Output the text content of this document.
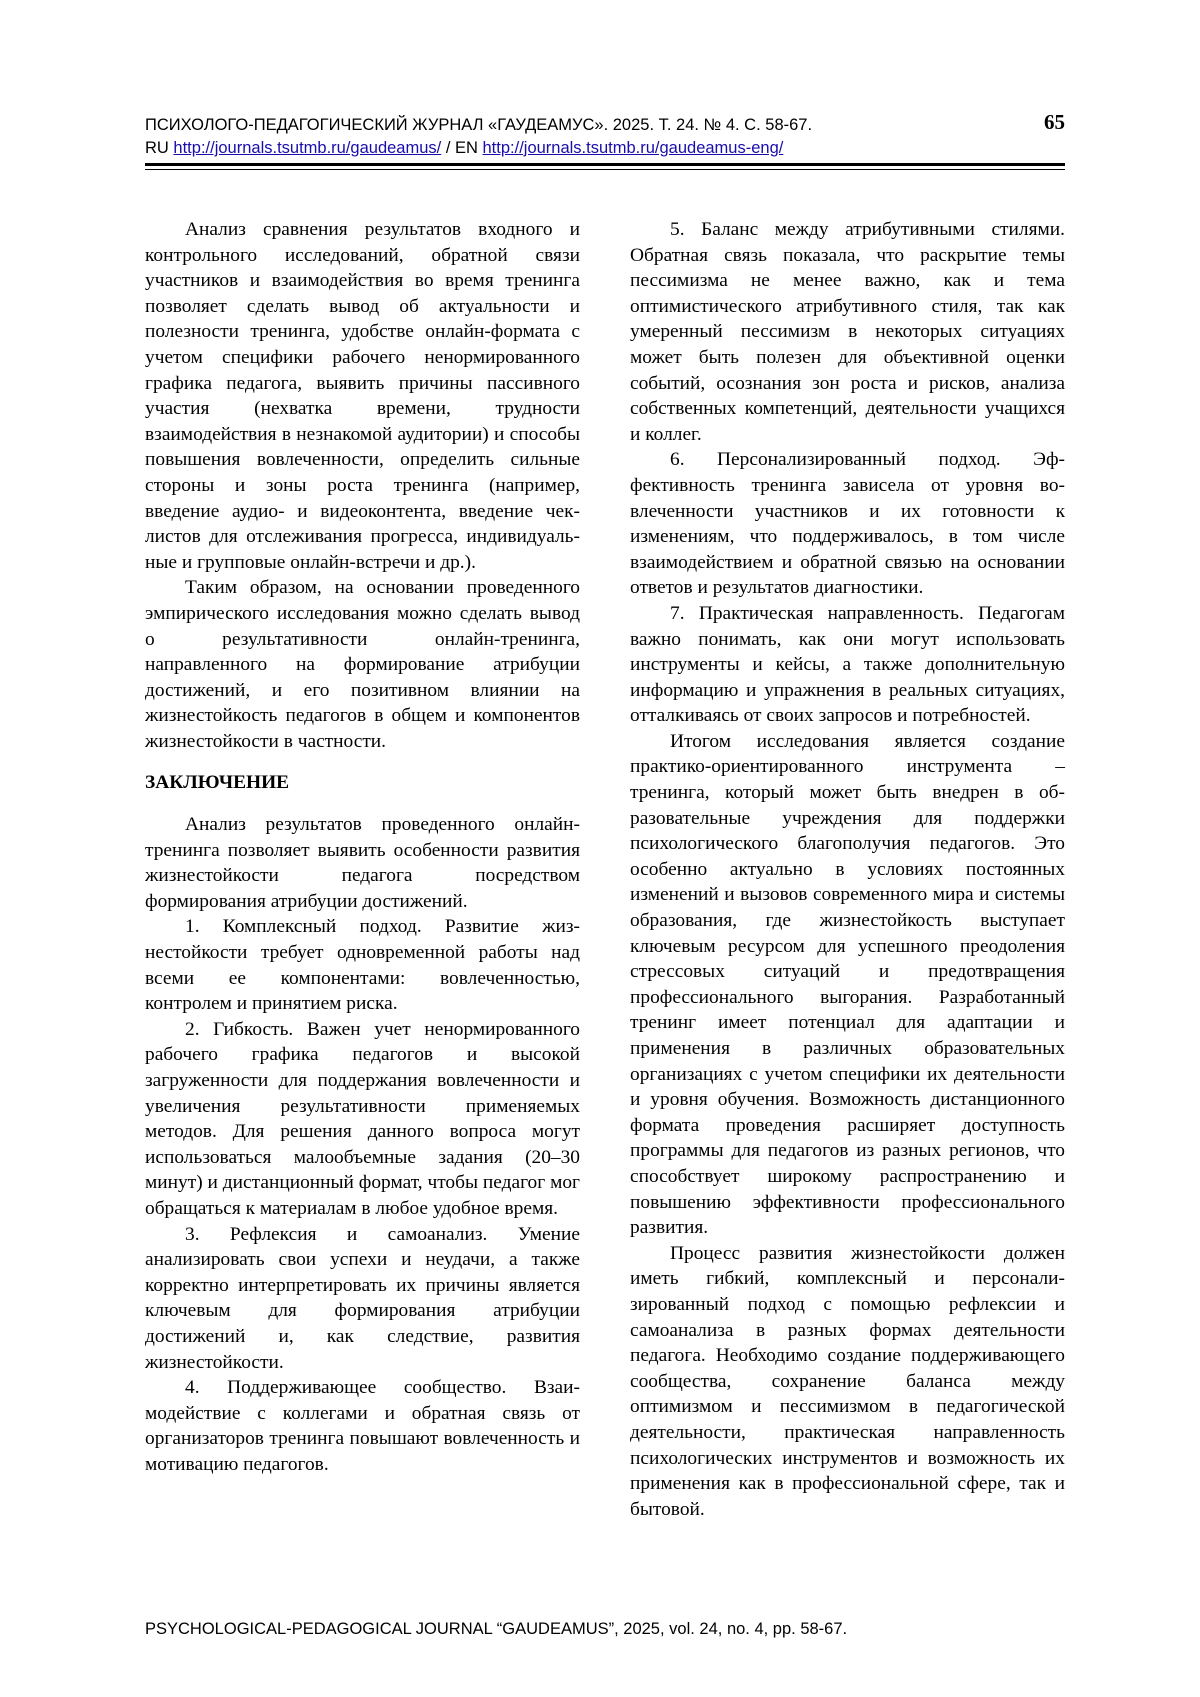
ПСИХОЛОГО-ПЕДАГОГИЧЕСКИЙ ЖУРНАЛ «ГАУДЕАМУС». 2025. Т. 24. № 4. С. 58-67.
RU http://journals.tsutmb.ru/gaudeamus/ / EN http://journals.tsutmb.ru/gaudeamus-eng/
65

Анализ сравнения результатов входного и контрольного исследований, обратной связи участников и взаимодействия во время тренинга позволяет сделать вывод об актуальности и полезности тренинга, удобстве онлайн-формата с учетом специфики рабочего ненормированного графика педагога, выявить причины пассивного участия (нехватка времени, трудности взаимодействия в незнакомой аудитории) и способы повышения вовлеченности, определить сильные стороны и зоны роста тренинга (например, введение аудио- и видеоконтента, введение чек-листов для отслеживания прогресса, индивидуальные и групповые онлайн-встречи и др.).

Таким образом, на основании проведенного эмпирического исследования можно сделать вывод о результативности онлайн-тренинга, направленного на формирование атрибуции достижений, и его позитивном влиянии на жизнестойкость педагогов в общем и компонентов жизнестойкости в частности.

ЗАКЛЮЧЕНИЕ

Анализ результатов проведенного онлайн-тренинга позволяет выявить особенности развития жизнестойкости педагога посредством формирования атрибуции достижений.

1. Комплексный подход. Развитие жизнестойкости требует одновременной работы над всеми ее компонентами: вовлеченностью, контролем и принятием риска.

2. Гибкость. Важен учет ненормированного рабочего графика педагогов и высокой загруженности для поддержания вовлеченности и увеличения результативности применяемых методов. Для решения данного вопроса могут использоваться малообъемные задания (20–30 минут) и дистанционный формат, чтобы педагог мог обращаться к материалам в любое удобное время.

3. Рефлексия и самоанализ. Умение анализировать свои успехи и неудачи, а также корректно интерпретировать их причины является ключевым для формирования атрибуции достижений и, как следствие, развития жизнестойкости.

4. Поддерживающее сообщество. Взаимодействие с коллегами и обратная связь от организаторов тренинга повышают вовлеченность и мотивацию педагогов.

5. Баланс между атрибутивными стилями. Обратная связь показала, что раскрытие темы пессимизма не менее важно, как и тема оптимистического атрибутивного стиля, так как умеренный пессимизм в некоторых ситуациях может быть полезен для объективной оценки событий, осознания зон роста и рисков, анализа собственных компетенций, деятельности учащихся и коллег.

6. Персонализированный подход. Эффективность тренинга зависела от уровня вовлеченности участников и их готовности к изменениям, что поддерживалось, в том числе взаимодействием и обратной связью на основании ответов и результатов диагностики.

7. Практическая направленность. Педагогам важно понимать, как они могут использовать инструменты и кейсы, а также дополнительную информацию и упражнения в реальных ситуациях, отталкиваясь от своих запросов и потребностей.

Итогом исследования является создание практико-ориентированного инструмента – тренинга, который может быть внедрен в образовательные учреждения для поддержки психологического благополучия педагогов. Это особенно актуально в условиях постоянных изменений и вызовов современного мира и системы образования, где жизнестойкость выступает ключевым ресурсом для успешного преодоления стрессовых ситуаций и предотвращения профессионального выгорания. Разработанный тренинг имеет потенциал для адаптации и применения в различных образовательных организациях с учетом специфики их деятельности и уровня обучения. Возможность дистанционного формата проведения расширяет доступность программы для педагогов из разных регионов, что способствует широкому распространению и повышению эффективности профессионального развития.

Процесс развития жизнестойкости должен иметь гибкий, комплексный и персонализированный подход с помощью рефлексии и самоанализа в разных формах деятельности педагога. Необходимо создание поддерживающего сообщества, сохранение баланса между оптимизмом и пессимизмом в педагогической деятельности, практическая направленность психологических инструментов и возможность их применения как в профессиональной сфере, так и бытовой.

PSYCHOLOGICAL-PEDAGOGICAL JOURNAL “GAUDEAMUS”, 2025, vol. 24, no. 4, pp. 58-67.
